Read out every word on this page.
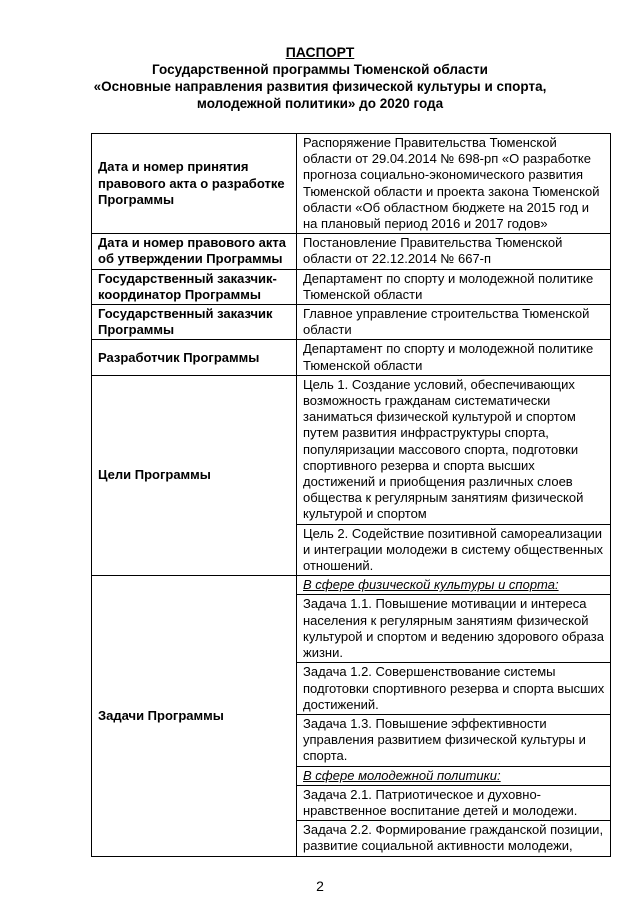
ПАСПОРТ
Государственной программы Тюменской области
«Основные направления развития физической культуры и спорта,
молодежной политики» до 2020 года
Дата и номер принятия правового акта о разработке Программы	Распоряжение Правительства Тюменской области от 29.04.2014 № 698-рп «О разработке прогноза социально-экономического развития Тюменской области и проекта закона Тюменской области «Об областном бюджете на 2015 год и на плановый период 2016 и 2017 годов»
Дата и номер правового акта об утверждении Программы	Постановление Правительства Тюменской области от 22.12.2014 № 667-п
Государственный заказчик-координатор Программы	Департамент по спорту и молодежной политике Тюменской области
Государственный заказчик Программы	Главное управление строительства Тюменской области
Разработчик Программы	Департамент по спорту и молодежной политике Тюменской области
Цели Программы	Цель 1. Создание условий, обеспечивающих возможность гражданам систематически заниматься физической культурой и спортом путем развития инфраструктуры спорта, популяризации массового спорта, подготовки спортивного резерва и спорта высших достижений и приобщения различных слоев общества к регулярным занятиям физической культурой и спортом
	Цель 2. Содействие позитивной самореализации и интеграции молодежи в систему общественных отношений.
Задачи Программы	В сфере физической культуры и спорта:
	Задача 1.1. Повышение мотивации и интереса населения к регулярным занятиям физической культурой и спортом и ведению здорового образа жизни.
	Задача 1.2. Совершенствование системы подготовки спортивного резерва и спорта высших достижений.
	Задача 1.3. Повышение эффективности управления развитием физической культуры и спорта.
	В сфере молодежной политики:
	Задача 2.1. Патриотическое и духовно-нравственное воспитание детей и молодежи.
	Задача 2.2. Формирование гражданской позиции, развитие социальной активности молодежи,
2
